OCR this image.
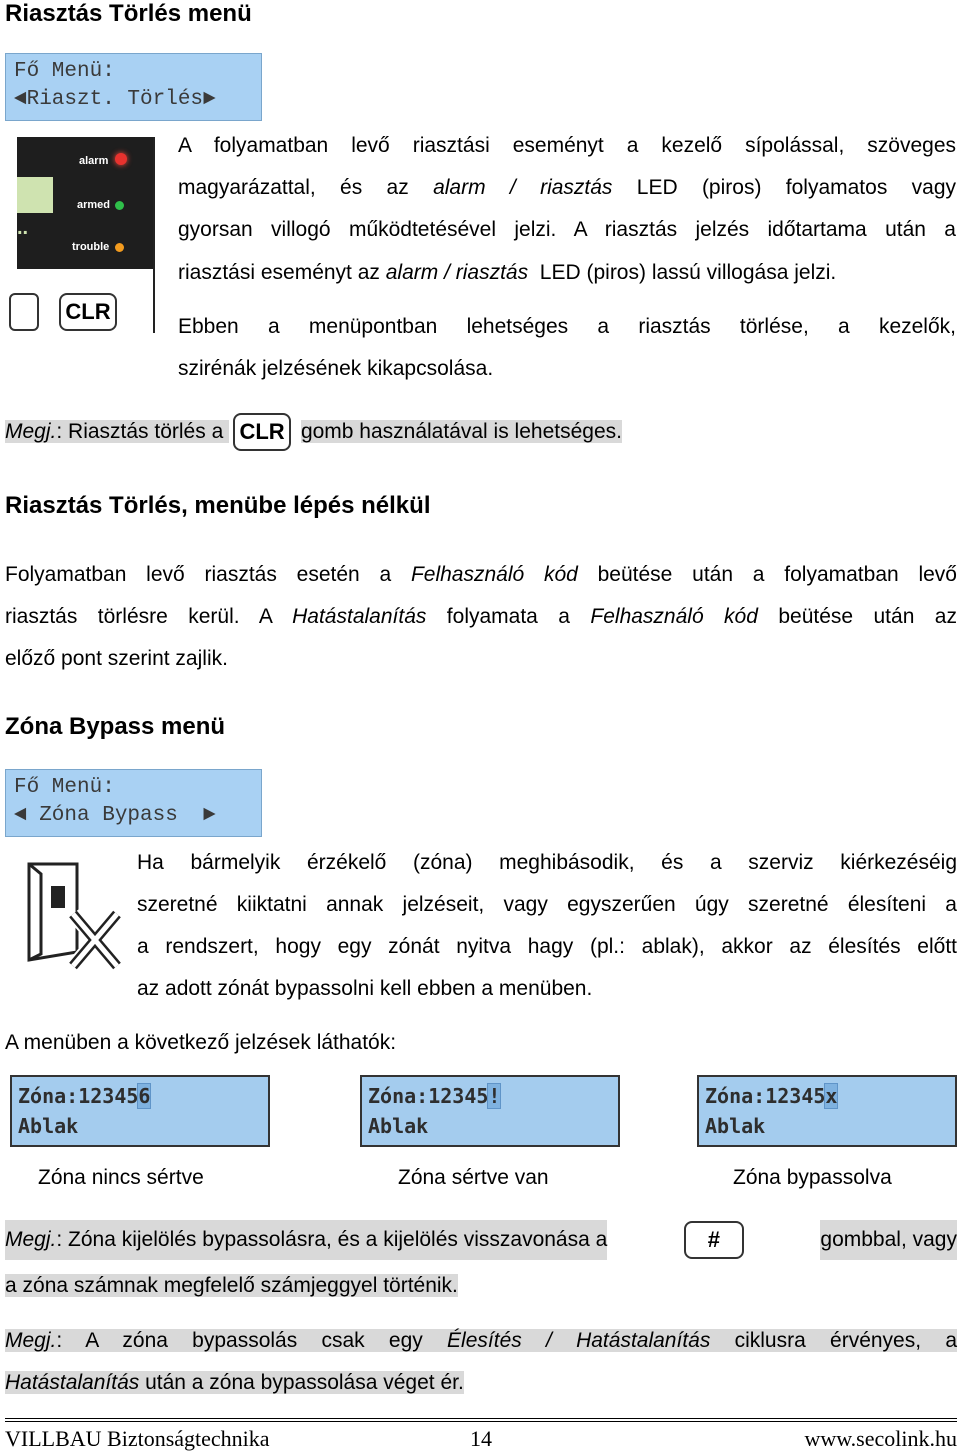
Riasztás Törlés menü
Fő Menü:
◄Riaszt. Törlés►
..
alarm
armed
trouble
CLR
A folyamatban levő riasztási eseményt a kezelő sípolással, szöveges
magyarázattal, és az alarm / riasztás LED (piros) folyamatos vagy
gyorsan villogó működtetésével jelzi. A riasztás jelzés időtartama után a
riasztási eseményt az alarm / riasztás  LED (piros) lassú villogása jelzi.
Ebben a menüpontban lehetséges a riasztás törlése, a kezelők,
szirénák jelzésének kikapcsolása.
Megj.: Riasztás törlés a CLR gomb használatával is lehetséges.
Riasztás Törlés, menübe lépés nélkül
Folyamatban levő riasztás esetén a Felhasználó kód beütése után a folyamatban levő
riasztás törlésre kerül. A Hatástalanítás folyamata a Felhasználó kód beütése után az
előző pont szerint zajlik.
Zóna Bypass menü
Fő Menü:
◄ Zóna Bypass  ►
Ha bármelyik érzékelő (zóna) meghibásodik, és a szerviz kiérkezéséig
szeretné kiiktatni annak jelzéseit, vagy egyszerűen úgy szeretné élesíteni a
a rendszert, hogy egy zónát nyitva hagy (pl.: ablak), akkor az élesítés előtt
az adott zónát bypassolni kell ebben a menüben.
A menüben a következő jelzések láthatók:
Zóna:123456
Ablak
Zóna:12345!
Ablak
Zóna:12345x
Ablak
Zóna nincs sértve	Zóna sértve van	Zóna bypassolva
Megj.: Zóna kijelölés bypassolásra, és a kijelölés visszavonása a	#	gombbal, vagy
a zóna számnak megfelelő számjeggyel történik.
Megj.: A zóna bypassolás csak egy Élesítés / Hatástalanítás ciklusra érvényes, a
Hatástalanítás után a zóna bypassolása véget ér.
VILLBAU Biztonságtechnika	14	www.secolink.hu
